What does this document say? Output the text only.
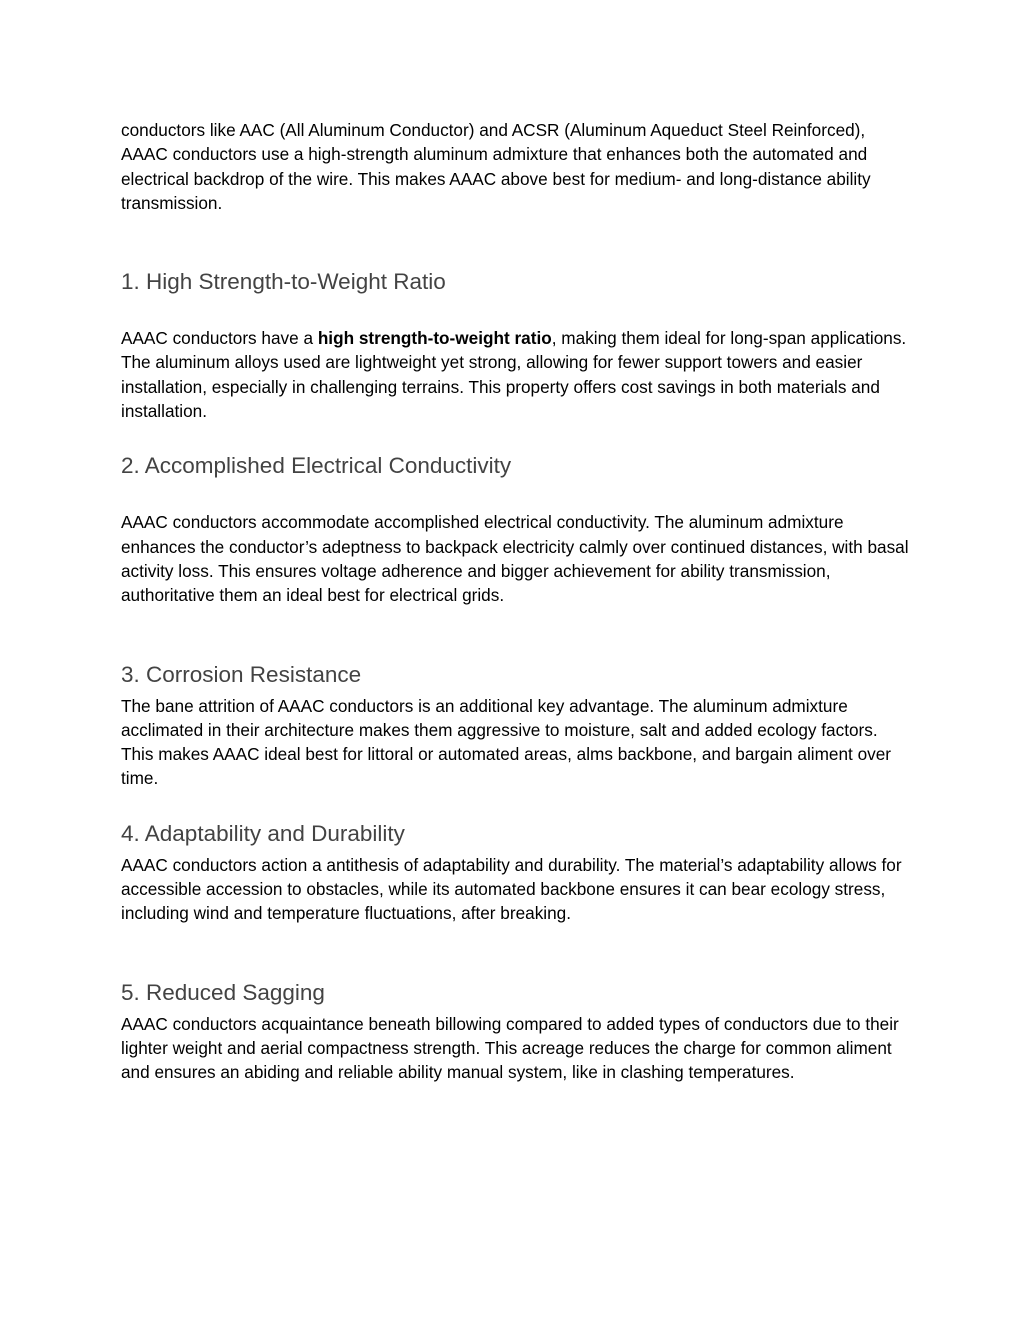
conductors like AAC (All Aluminum Conductor) and ACSR (Aluminum Aqueduct Steel Reinforced), AAAC conductors use a high-strength aluminum admixture that enhances both the automated and electrical backdrop of the wire. This makes AAAC above best for medium- and long-distance ability transmission.

1. High Strength-to-Weight Ratio

AAAC conductors have a high strength-to-weight ratio, making them ideal for long-span applications. The aluminum alloys used are lightweight yet strong, allowing for fewer support towers and easier installation, especially in challenging terrains. This property offers cost savings in both materials and installation.

2. Accomplished Electrical Conductivity

AAAC conductors accommodate accomplished electrical conductivity. The aluminum admixture enhances the conductor’s adeptness to backpack electricity calmly over continued distances, with basal activity loss. This ensures voltage adherence and bigger achievement for ability transmission, authoritative them an ideal best for electrical grids.

3. Corrosion Resistance

The bane attrition of AAAC conductors is an additional key advantage. The aluminum admixture acclimated in their architecture makes them aggressive to moisture, salt and added ecology factors. This makes AAAC ideal best for littoral or automated areas, alms backbone, and bargain aliment over time.

4. Adaptability and Durability

AAAC conductors action a antithesis of adaptability and durability. The material’s adaptability allows for accessible accession to obstacles, while its automated backbone ensures it can bear ecology stress, including wind and temperature fluctuations, after breaking.

5. Reduced Sagging

AAAC conductors acquaintance beneath billowing compared to added types of conductors due to their lighter weight and aerial compactness strength. This acreage reduces the charge for common aliment and ensures an abiding and reliable ability manual system, like in clashing temperatures.
